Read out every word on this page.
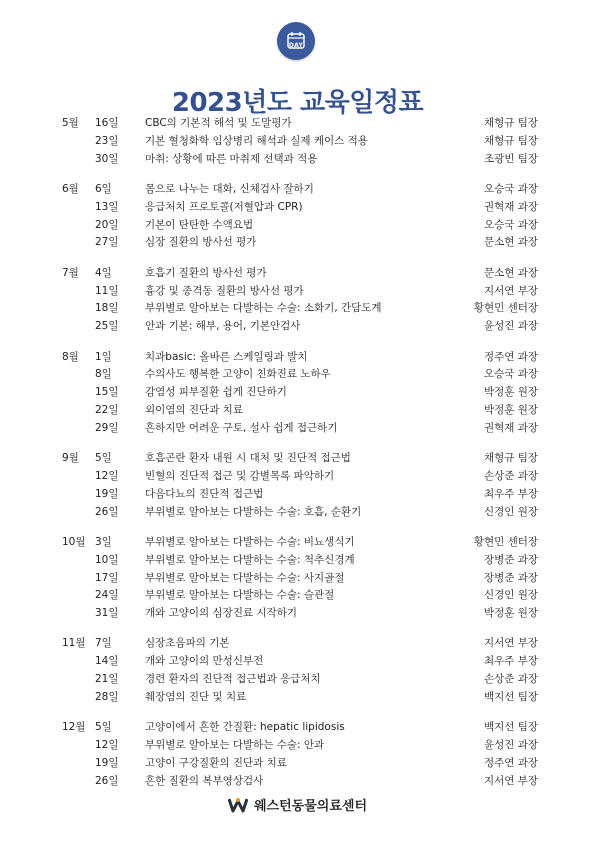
DAY
2023년도 교육일정표
5월 16일	CBC의 기본적 해석 및 도말평가	채형규 팀장
23일	기본 혈청화학 임상병리 해석과 실제 케이스 적용	채형규 팀장
30일	마취: 상황에 따른 마취제 선택과 적용	조광빈 팀장
6월 6일	몸으로 나누는 대화, 신체검사 잘하기	오승국 과장
13일	응급처치 프로토콜(저혈압과 CPR)	권혁재 과장
20일	기본이 탄탄한 수액요법	오승국 과장
27일	심장 질환의 방사선 평가	문소현 과장
7월 4일	호흡기 질환의 방사선 평가	문소현 과장
11일	흉강 및 종격동 질환의 방사선 평가	지서연 부장
18일	부위별로 알아보는 다발하는 수술: 소화기, 간담도계	황현민 센터장
25일	안과 기본: 해부, 용어, 기본안검사	윤성진 과장
8월 1일	치과basic: 올바른 스케일링과 발치	정주연 과장
8일	수의사도 행복한 고양이 친화진료 노하우	오승국 과장
15일	감염성 피부질환 쉽게 진단하기	박정훈 원장
22일	외이염의 진단과 치료	박정훈 원장
29일	흔하지만 어려운 구토, 설사 쉽게 접근하기	권혁재 과장
9월 5일	호흡곤란 환자 내원 시 대처 및 진단적 접근법	채형규 팀장
12일	빈혈의 진단적 접근 및 감별목록 파악하기	손상준 과장
19일	다음다뇨의 진단적 접근법	최우주 부장
26일	부위별로 알아보는 다발하는 수술: 호흡, 순환기	신경인 원장
10월 3일	부위별로 알아보는 다발하는 수술: 비뇨생식기	황현민 센터장
10일	부위별로 알아보는 다발하는 수술: 척추신경계	장병준 과장
17일	부위별로 알아보는 다발하는 수술: 사지골절	장병준 과장
24일	부위별로 알아보는 다발하는 수술: 슬관절	신경인 원장
31일	개와 고양이의 심장진료 시작하기	박정훈 원장
11월 7일	심장초음파의 기본	지서연 부장
14일	개와 고양이의 만성신부전	최우주 부장
21일	경련 환자의 진단적 접근법과 응급처치	손상준 과장
28일	췌장염의 진단 및 치료	백지선 팀장
12월 5일	고양이에서 흔한 간질환: hepatic lipidosis	백지선 팀장
12일	부위별로 알아보는 다발하는 수술: 안과	윤성진 과장
19일	고양이 구강질환의 진단과 치료	정주연 과장
26일	흔한 질환의 복부영상검사	지서연 부장
웨스턴동물의료센터
